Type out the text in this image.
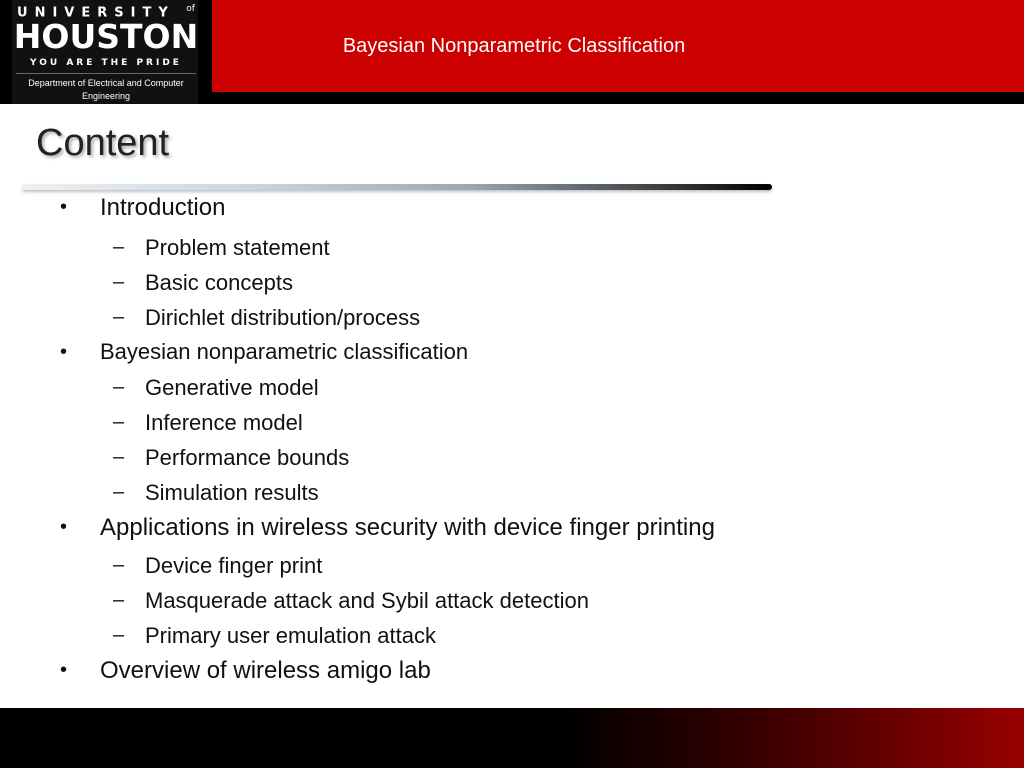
Bayesian Nonparametric Classification
UNIVERSITY $^{of}$
HOUSTON
YOU ARE THE PRIDE
Department of Electrical and Computer Engineering
Content
• Introduction
– Problem statement
– Basic concepts
– Dirichlet distribution/process
• Bayesian nonparametric classification
– Generative model
– Inference model
– Performance bounds
– Simulation results
• Applications in wireless security with device finger printing
– Device finger print
– Masquerade attack and Sybil attack detection
– Primary user emulation attack
• Overview of wireless amigo lab
